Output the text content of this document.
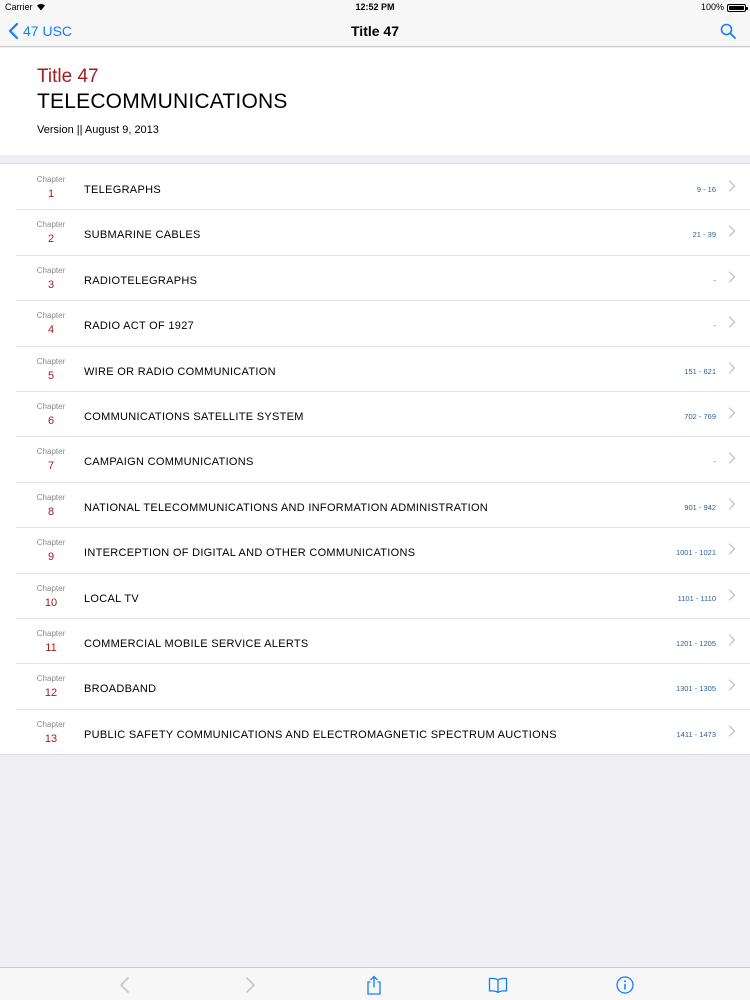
Carrier	12:52 PM	100%
47 USC	Title 47
Title 47
TELECOMMUNICATIONS
Version || August 9, 2013
Chapter
1	TELEGRAPHS	9 - 16
Chapter
2	SUBMARINE CABLES	21 - 39
Chapter
3	RADIOTELEGRAPHS	-
Chapter
4	RADIO ACT OF 1927	-
Chapter
5	WIRE OR RADIO COMMUNICATION	151 - 621
Chapter
6	COMMUNICATIONS SATELLITE SYSTEM	702 - 769
Chapter
7	CAMPAIGN COMMUNICATIONS	-
Chapter
8	NATIONAL TELECOMMUNICATIONS AND INFORMATION ADMINISTRATION	901 - 942
Chapter
9	INTERCEPTION OF DIGITAL AND OTHER COMMUNICATIONS	1001 - 1021
Chapter
10	LOCAL TV	1101 - 1110
Chapter
11	COMMERCIAL MOBILE SERVICE ALERTS	1201 - 1205
Chapter
12	BROADBAND	1301 - 1305
Chapter
13	PUBLIC SAFETY COMMUNICATIONS AND ELECTROMAGNETIC SPECTRUM AUCTIONS	1411 - 1473
